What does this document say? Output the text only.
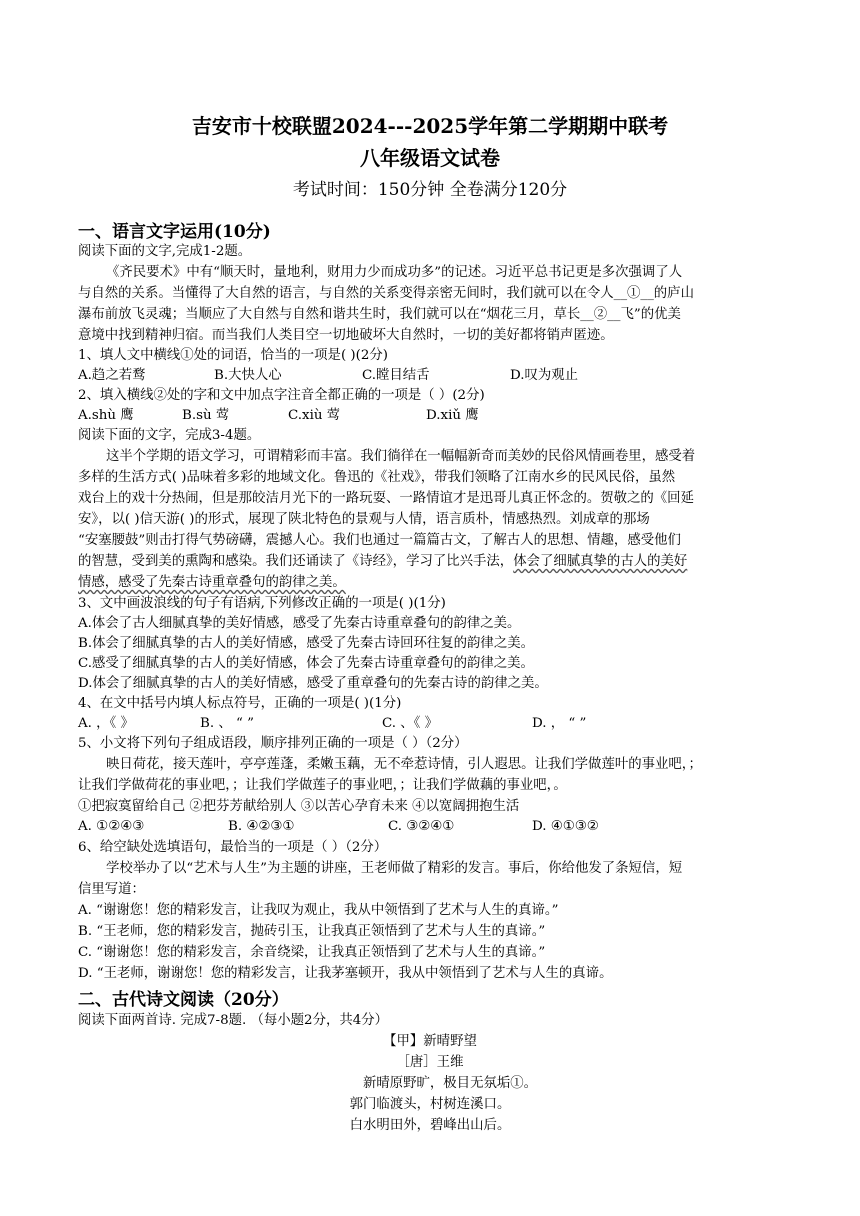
吉安市十校联盟2024---2025学年第二学期期中联考
八年级语文试卷
考试时间：150分钟 全卷满分120分
一、语言文字运用(10分)
阅读下面的文字,完成1-2题。
《齐民要术》中有“顺天时，量地利，财用力少而成功多”的记述。习近平总书记更是多次强调了人
与自然的关系。当懂得了大自然的语言，与自然的关系变得亲密无间时，我们就可以在令人__①__的庐山
瀑布前放飞灵魂；当顺应了大自然与自然和谐共生时，我们就可以在“烟花三月，草长__②__飞”的优美
意境中找到精神归宿。而当我们人类目空一切地破坏大自然时，一切的美好都将销声匿迹。
1、填人文中横线①处的词语，恰当的一项是( )(2分)
A.趋之若鹜	B.大快人心	C.瞠目结舌	D.叹为观止
2、填入横线②处的字和文中加点字注音全都正确的一项是（ ）(2分)
A.shù 鹰	B.sù 莺	C.xiù 莺	D.xiǔ 鹰
阅读下面的文字，完成3-4题。
这半个学期的语文学习，可谓精彩而丰富。我们徜徉在一幅幅新奇而美妙的民俗风情画卷里，感受着
多样的生活方式( )品味着多彩的地域文化。鲁迅的《社戏》，带我们领略了江南水乡的民风民俗，虽然
戏台上的戏十分热闹，但是那皎洁月光下的一路玩耍、一路情谊才是迅哥儿真正怀念的。贺敬之的《回延
安》，以( )信天游( )的形式，展现了陕北特色的景观与人情，语言质朴，情感热烈。刘成章的那场
“安塞腰鼓”则击打得气势磅礴，震撼人心。我们也通过一篇篇古文，了解古人的思想、情趣，感受他们
的智慧，受到美的熏陶和感染。我们还诵读了《诗经》，学习了比兴手法，体会了细腻真挚的古人的美好
情感，感受了先秦古诗重章叠句的韵律之美。
3、文中画波浪线的句子有语病,下列修改正确的一项是( )(1分)
A.体会了古人细腻真挚的美好情感，感受了先秦古诗重章叠句的韵律之美。
B.体会了细腻真挚的古人的美好情感，感受了先秦古诗回环往复的韵律之美。
C.感受了细腻真挚的古人的美好情感，体会了先秦古诗重章叠句的韵律之美。
D.体会了细腻真挚的古人的美好情感，感受了重章叠句的先秦古诗的韵律之美。
4、在文中括号内填人标点符号，正确的一项是( )(1分)
A. ，《 》	B. 、 “ ”	C. 、《 》	D. ， “ ”
5、小文将下列句子组成语段，顺序排列正确的一项是（ ）（2分）
映日荷花，接天莲叶，亭亭莲蓬，柔嫩玉藕，无不牵惹诗情，引人遐思。让我们学做莲叶的事业吧，；
让我们学做荷花的事业吧，；让我们学做莲子的事业吧，；让我们学做藕的事业吧，。
①把寂寞留给自己 ②把芬芳献给别人 ③以苦心孕育未来 ④以宽阔拥抱生活
A. ①②④③	B. ④②③①	C. ③②④①	D. ④①③②
6、给空缺处选填语句，最恰当的一项是（ ）（2分）
学校举办了以“艺术与人生”为主题的讲座，王老师做了精彩的发言。事后，你给他发了条短信，短
信里写道：
A. “谢谢您！您的精彩发言，让我叹为观止，我从中领悟到了艺术与人生的真谛。”
B. “王老师，您的精彩发言，抛砖引玉，让我真正领悟到了艺术与人生的真谛。”
C. “谢谢您！您的精彩发言，余音绕梁，让我真正领悟到了艺术与人生的真谛。”
D. “王老师，谢谢您！您的精彩发言，让我茅塞顿开，我从中领悟到了艺术与人生的真谛。
二、古代诗文阅读（20分）
阅读下面两首诗. 完成7-8题. （每小题2分，共4分）
【甲】新晴野望
［唐］王维
新晴原野旷，极目无氛垢①。
郭门临渡头，村树连溪口。
白水明田外，碧峰出山后。
